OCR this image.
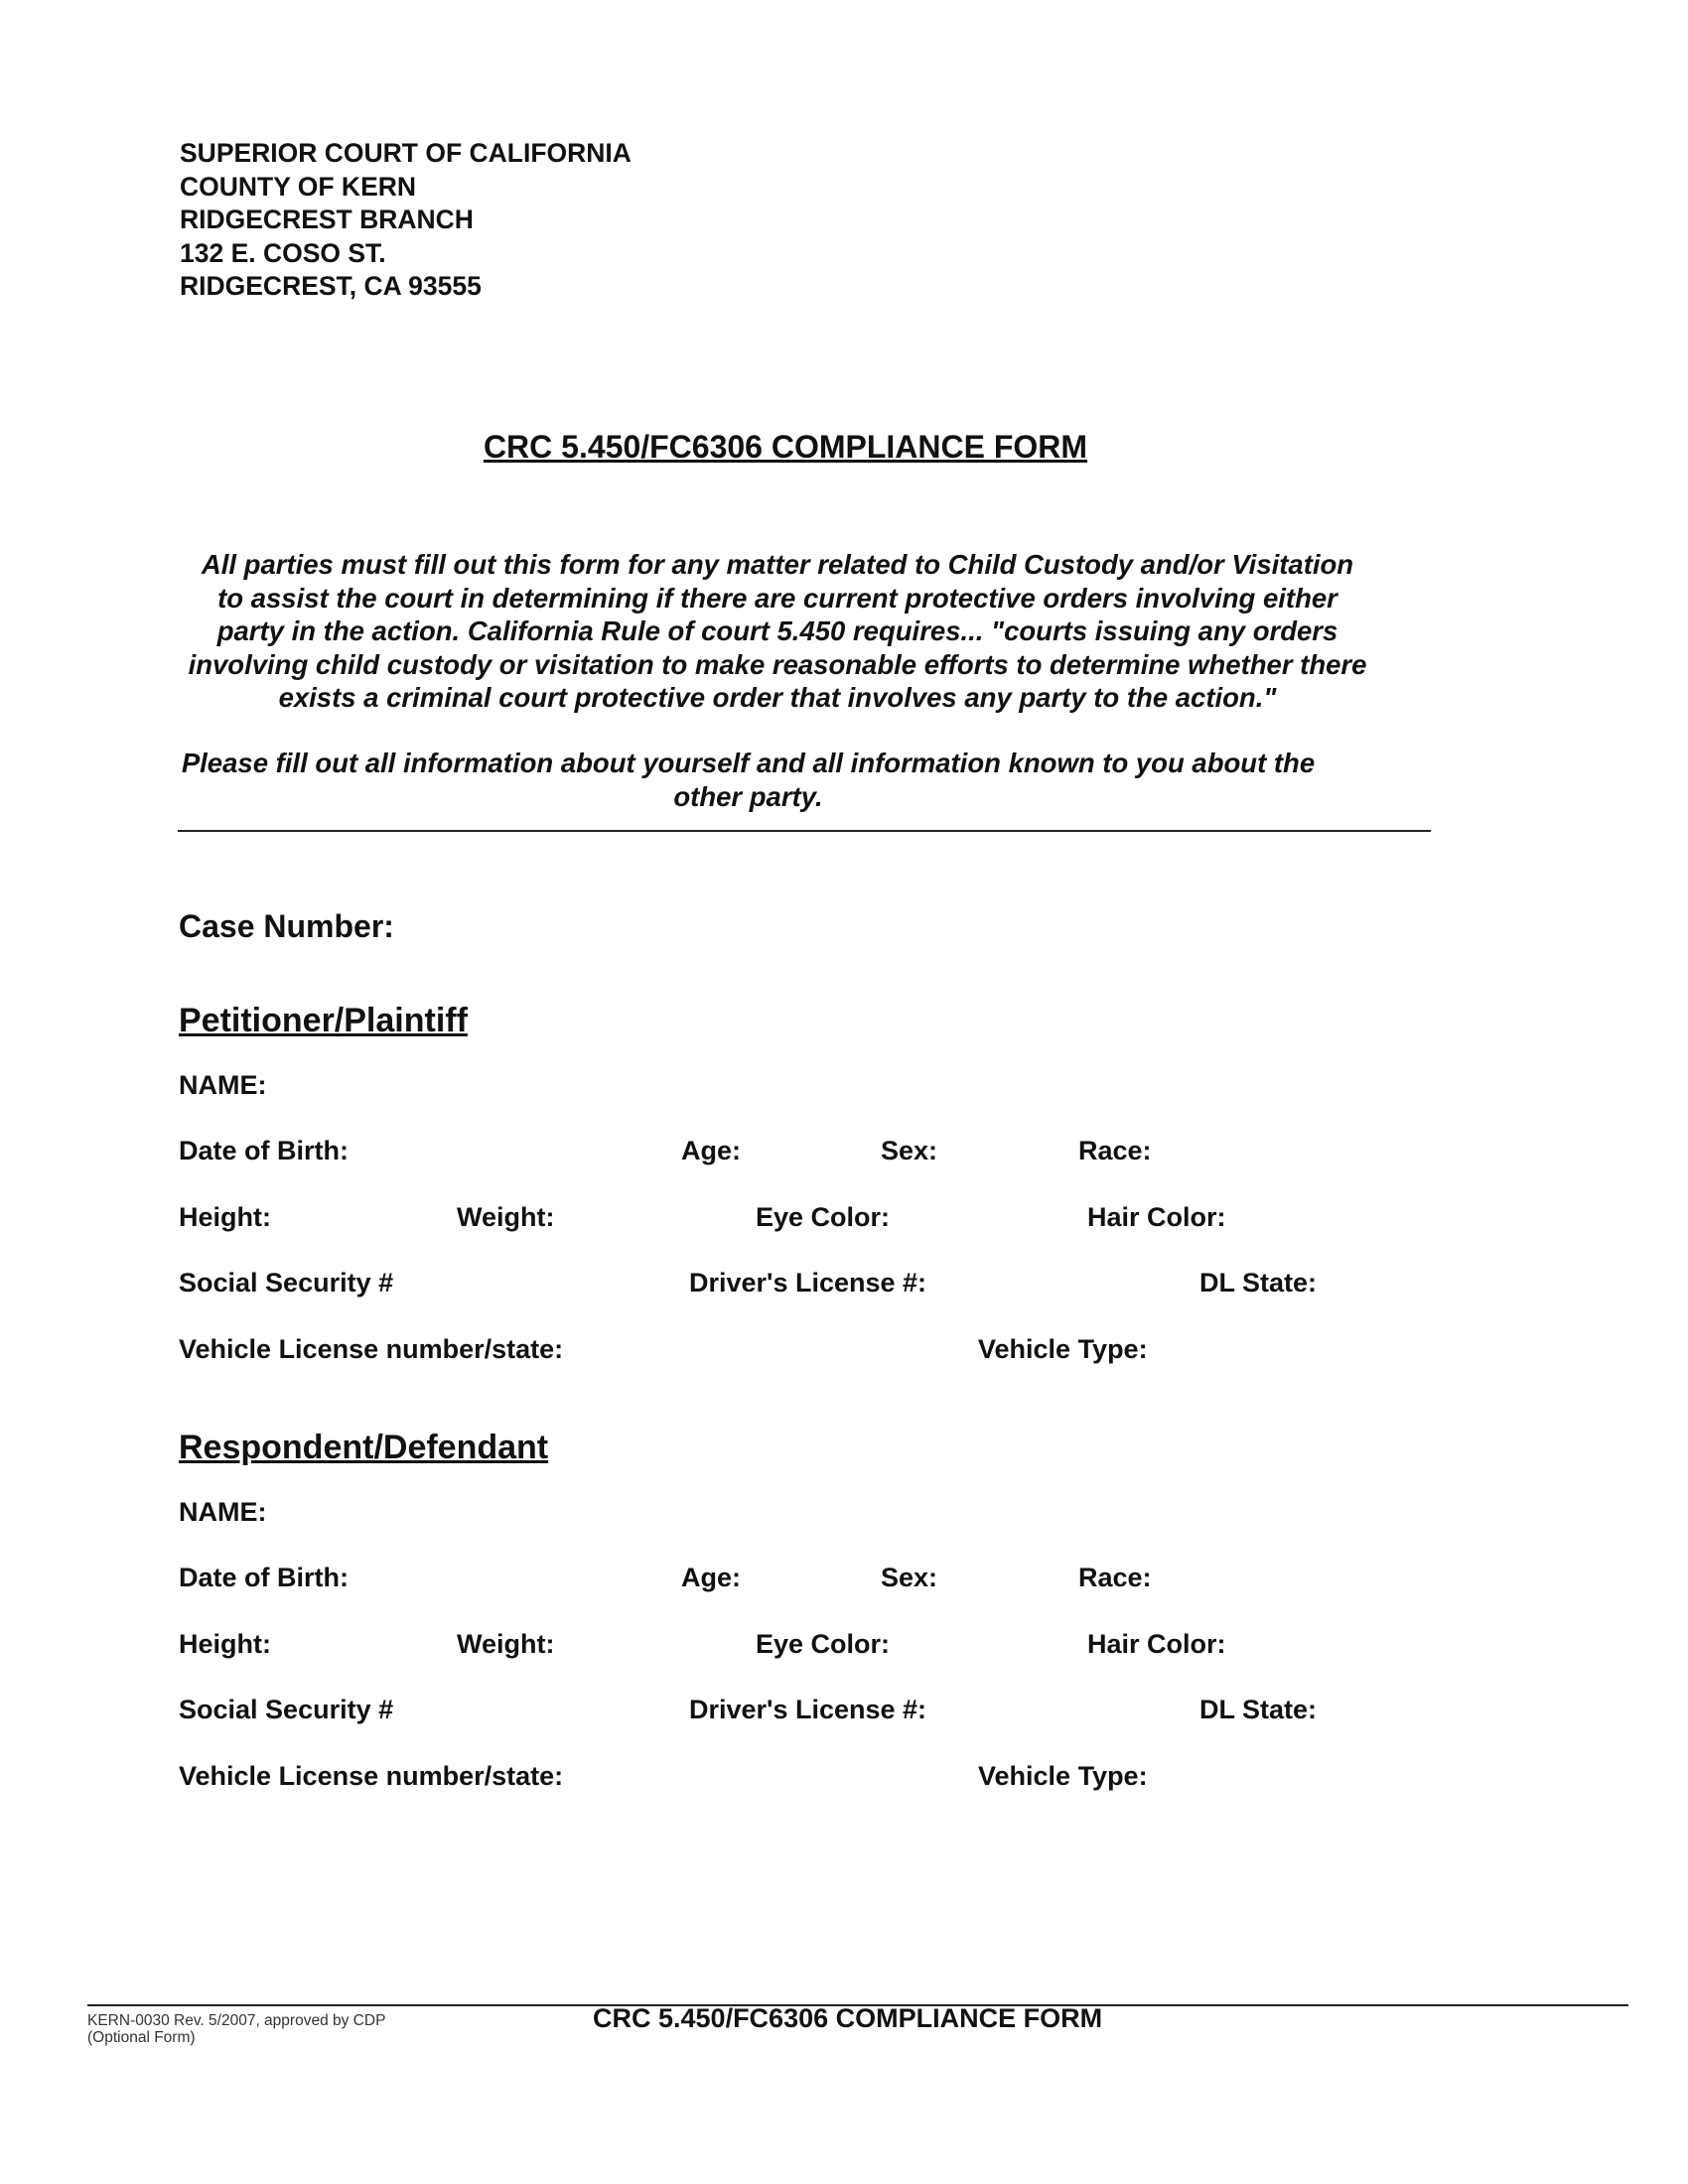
SUPERIOR COURT OF CALIFORNIA
COUNTY OF KERN
RIDGECREST BRANCH
132 E. COSO ST.
RIDGECREST, CA 93555
CRC 5.450/FC6306 COMPLIANCE FORM
All parties must fill out this form for any matter related to Child Custody and/or Visitation
to assist the court in determining if there are current protective orders involving either
party in the action. California Rule of court 5.450 requires... "courts issuing any orders
involving child custody or visitation to make reasonable efforts to determine whether there
exists a criminal court protective order that involves any party to the action."
Please fill out all information about yourself and all information known to you about the
other party.
Case Number:
Petitioner/Plaintiff
NAME:
Date of Birth:	Age:	Sex:	Race:
Height:	Weight:	Eye Color:	Hair Color:
Social Security #	Driver's License #:	DL State:
Vehicle License number/state:	Vehicle Type:
Respondent/Defendant
NAME:
Date of Birth:	Age:	Sex:	Race:
Height:	Weight:	Eye Color:	Hair Color:
Social Security #	Driver's License #:	DL State:
Vehicle License number/state:	Vehicle Type:
KERN-0030 Rev. 5/2007, approved by CDP
(Optional Form)
CRC 5.450/FC6306 COMPLIANCE FORM
